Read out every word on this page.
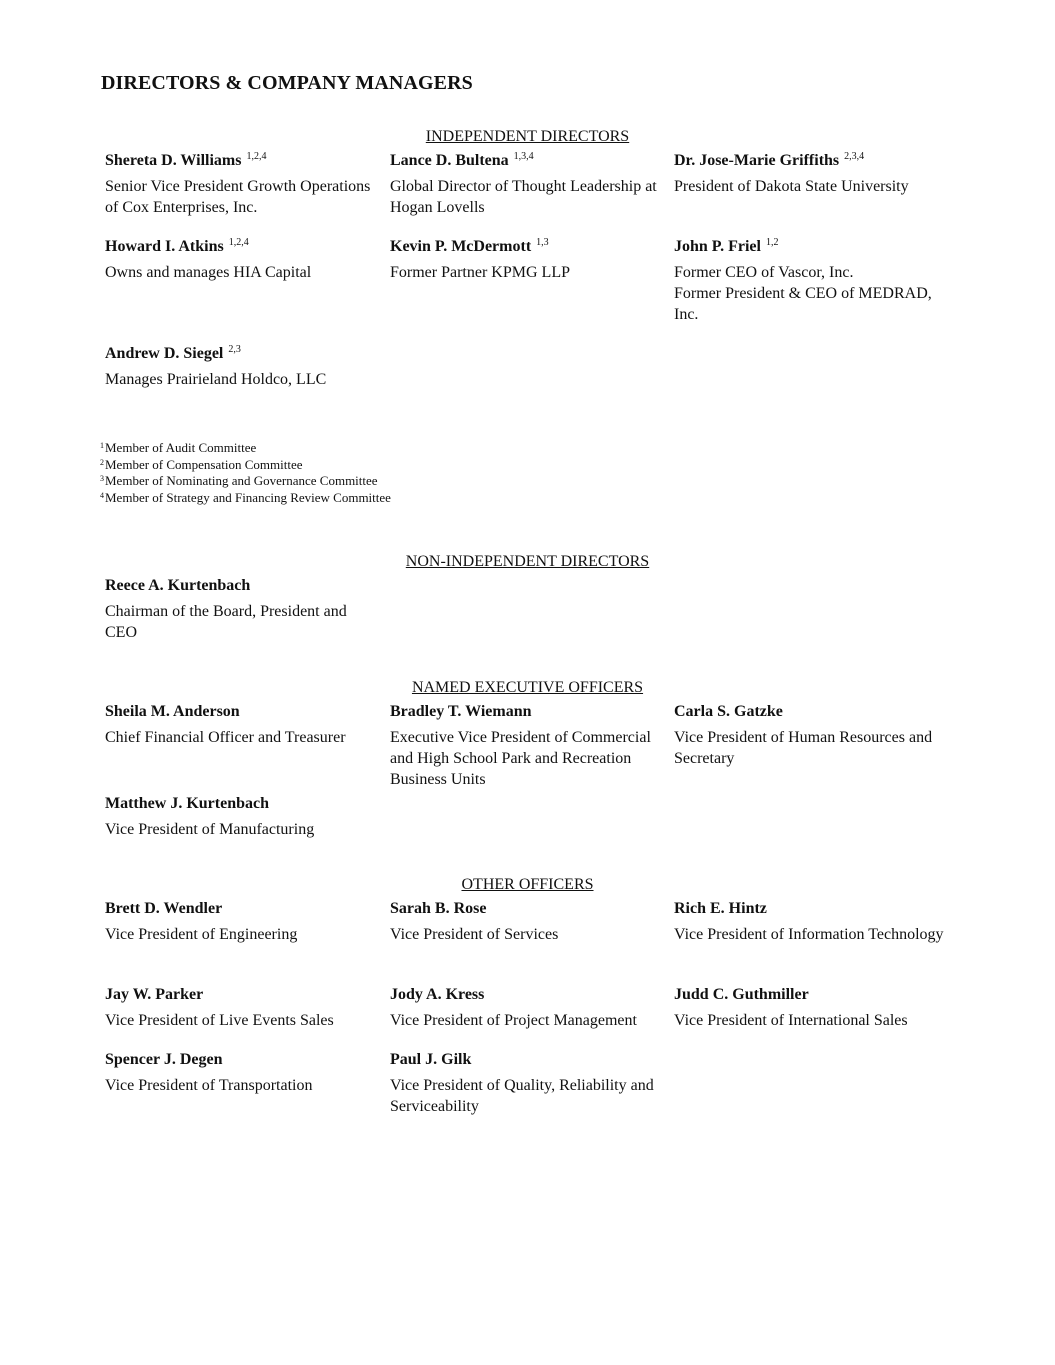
DIRECTORS & COMPANY MANAGERS
INDEPENDENT DIRECTORS
Shereta D. Williams $^{1,2,4}$
Senior Vice President Growth Operations of Cox Enterprises, Inc.
Lance D. Bultena $^{1,3,4}$
Global Director of Thought Leadership at Hogan Lovells
Dr. Jose-Marie Griffiths $^{2,3,4}$
President of Dakota State University
Howard I. Atkins $^{1,2,4}$
Owns and manages HIA Capital
Kevin P. McDermott $^{1,3}$
Former Partner KPMG LLP
John P. Friel $^{1,2}$
Former CEO of Vascor, Inc.
Former President & CEO of MEDRAD, Inc.
Andrew D. Siegel $^{2,3}$
Manages Prairieland Holdco, LLC
$^1$Member of Audit Committee
$^2$Member of Compensation Committee
$^3$Member of Nominating and Governance Committee
$^4$Member of Strategy and Financing Review Committee
NON-INDEPENDENT DIRECTORS
Reece A. Kurtenbach
Chairman of the Board, President and CEO
NAMED EXECUTIVE OFFICERS
Sheila M. Anderson
Chief Financial Officer and Treasurer
Bradley T. Wiemann
Executive Vice President of Commercial and High School Park and Recreation Business Units
Carla S. Gatzke
Vice President of Human Resources and Secretary
Matthew J. Kurtenbach
Vice President of Manufacturing
OTHER OFFICERS
Brett D. Wendler
Vice President of Engineering
Sarah B. Rose
Vice President of Services
Rich E. Hintz
Vice President of Information Technology
Jay W. Parker
Vice President of Live Events Sales
Jody A. Kress
Vice President of Project Management
Judd C. Guthmiller
Vice President of International Sales
Spencer J. Degen
Vice President of Transportation
Paul J. Gilk
Vice President of Quality, Reliability and Serviceability
